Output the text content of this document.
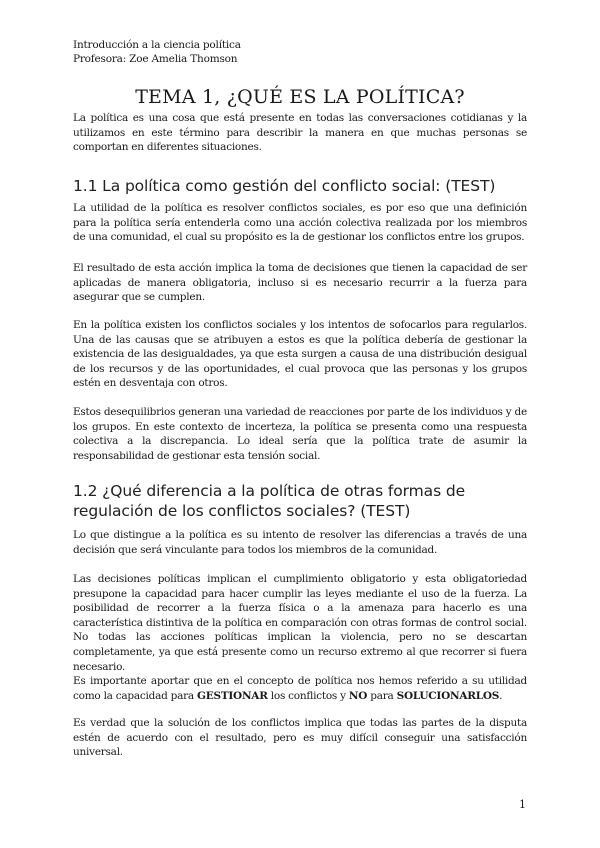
Introducción a la ciencia política
Profesora: Zoe Amelia Thomson
TEMA 1, ¿QUÉ ES LA POLÍTICA?
La política es una cosa que está presente en todas las conversaciones cotidianas y la utilizamos en este término para describir la manera en que muchas personas se comportan en diferentes situaciones.
1.1 La política como gestión del conflicto social: (TEST)
La utilidad de la política es resolver conflictos sociales, es por eso que una definición para la política sería entenderla como una acción colectiva realizada por los miembros de una comunidad, el cual su propósito es la de gestionar los conflictos entre los grupos.
El resultado de esta acción implica la toma de decisiones que tienen la capacidad de ser aplicadas de manera obligatoria, incluso si es necesario recurrir a la fuerza para asegurar que se cumplen.
En la política existen los conflictos sociales y los intentos de sofocarlos para regularlos. Una de las causas que se atribuyen a estos es que la política debería de gestionar la existencia de las desigualdades, ya que esta surgen a causa de una distribución desigual de los recursos y de las oportunidades, el cual provoca que las personas y los grupos estén en desventaja con otros.
Estos desequilibrios generan una variedad de reacciones por parte de los individuos y de los grupos. En este contexto de incerteza, la política se presenta como una respuesta colectiva a la discrepancia. Lo ideal sería que la política trate de asumir la responsabilidad de gestionar esta tensión social.
1.2 ¿Qué diferencia a la política de otras formas de regulación de los conflictos sociales? (TEST)
Lo que distingue a la política es su intento de resolver las diferencias a través de una decisión que será vinculante para todos los miembros de la comunidad.
Las decisiones políticas implican el cumplimiento obligatorio y esta obligatoriedad presupone la capacidad para hacer cumplir las leyes mediante el uso de la fuerza. La posibilidad de recorrer a la fuerza física o a la amenaza para hacerlo es una característica distintiva de la política en comparación con otras formas de control social. No todas las acciones políticas implican la violencia, pero no se descartan completamente, ya que está presente como un recurso extremo al que recorrer si fuera necesario.
Es importante aportar que en el concepto de política nos hemos referido a su utilidad como la capacidad para GESTIONAR los conflictos y NO para SOLUCIONARLOS.
Es verdad que la solución de los conflictos implica que todas las partes de la disputa estén de acuerdo con el resultado, pero es muy difícil conseguir una satisfacción universal.
1
